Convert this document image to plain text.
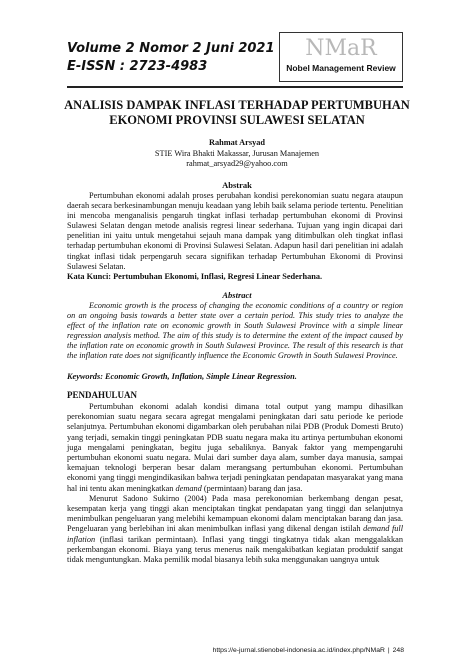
Volume 2 Nomor 2 Juni 2021
E-ISSN : 2723-4983
NMaR
Nobel Management Review
ANALISIS DAMPAK INFLASI TERHADAP PERTUMBUHAN
EKONOMI PROVINSI SULAWESI SELATAN
Rahmat Arsyad
STIE Wira Bhakti Makassar, Jurusan Manajemen
rahmat_arsyad29@yahoo.com
Abstrak

Pertumbuhan ekonomi adalah proses perubahan kondisi perekonomian suatu negara ataupun daerah secara berkesinambungan menuju keadaan yang lebih baik selama periode tertentu. Penelitian ini mencoba menganalisis pengaruh tingkat inflasi terhadap pertumbuhan ekonomi di Provinsi Sulawesi Selatan dengan metode analisis regresi linear sederhana. Tujuan yang ingin dicapai dari penelitian ini yaitu untuk mengetahui sejauh mana dampak yang ditimbulkan oleh tingkat inflasi terhadap pertumbuhan ekonomi di Provinsi Sulawesi Selatan. Adapun hasil dari penelitian ini adalah tingkat inflasi tidak perpengaruh secara signifikan terhadap Pertumbuhan Ekonomi di Provinsi Sulawesi Selatan.

Kata Kunci: Pertumbuhan Ekonomi, Inflasi, Regresi Linear Sederhana.
Abstract

Economic growth is the process of changing the economic conditions of a country or region on an ongoing basis towards a better state over a certain period. This study tries to analyze the effect of the inflation rate on economic growth in South Sulawesi Province with a simple linear regression analysis method. The aim of this study is to determine the extent of the impact caused by the inflation rate on economic growth in South Sulawesi Province. The result of this research is that the inflation rate does not significantly influence the Economic Growth in South Sulawesi Province.

Keywords: Economic Growth, Inflation, Simple Linear Regression.
PENDAHULUAN

Pertumbuhan ekonomi adalah kondisi dimana total output yang mampu dihasilkan perekonomian suatu negara secara agregat mengalami peningkatan dari satu periode ke periode selanjutnya. Pertumbuhan ekonomi digambarkan oleh perubahan nilai PDB (Produk Domesti Bruto) yang terjadi, semakin tinggi peningkatan PDB suatu negara maka itu artinya pertumbuhan ekonomi juga mengalami peningkatan, begitu juga sebaliknya. Banyak faktor yang mempengaruhi pertumbuhan ekonomi suatu negara. Mulai dari sumber daya alam, sumber daya manusia, sampai kemajuan teknologi berperan besar dalam merangsang pertumbuhan ekonomi. Pertumbuhan ekonomi yang tinggi mengindikasikan bahwa terjadi peningkatan pendapatan masyarakat yang mana hal ini tentu akan meningkatkan demand (permintaan) barang dan jasa.

Menurut Sadono Sukirno (2004) Pada masa perekonomian berkembang dengan pesat, kesempatan kerja yang tinggi akan menciptakan tingkat pendapatan yang tinggi dan selanjutnya menimbulkan pengeluaran yang melebihi kemampuan ekonomi dalam menciptakan barang dan jasa. Pengeluaran yang berlebihan ini akan menimbulkan inflasi yang dikenal dengan istilah demand full inflation (inflasi tarikan permintaan). Inflasi yang tinggi tingkatnya tidak akan menggalakkan perkembangan ekonomi. Biaya yang terus menerus naik mengakibatkan kegiatan produktif sangat tidak menguntungkan. Maka pemilik modal biasanya lebih suka menggunakan uangnya untuk

https://e-jurnal.stienobel-indonesia.ac.id/index.php/NMaR | 248
